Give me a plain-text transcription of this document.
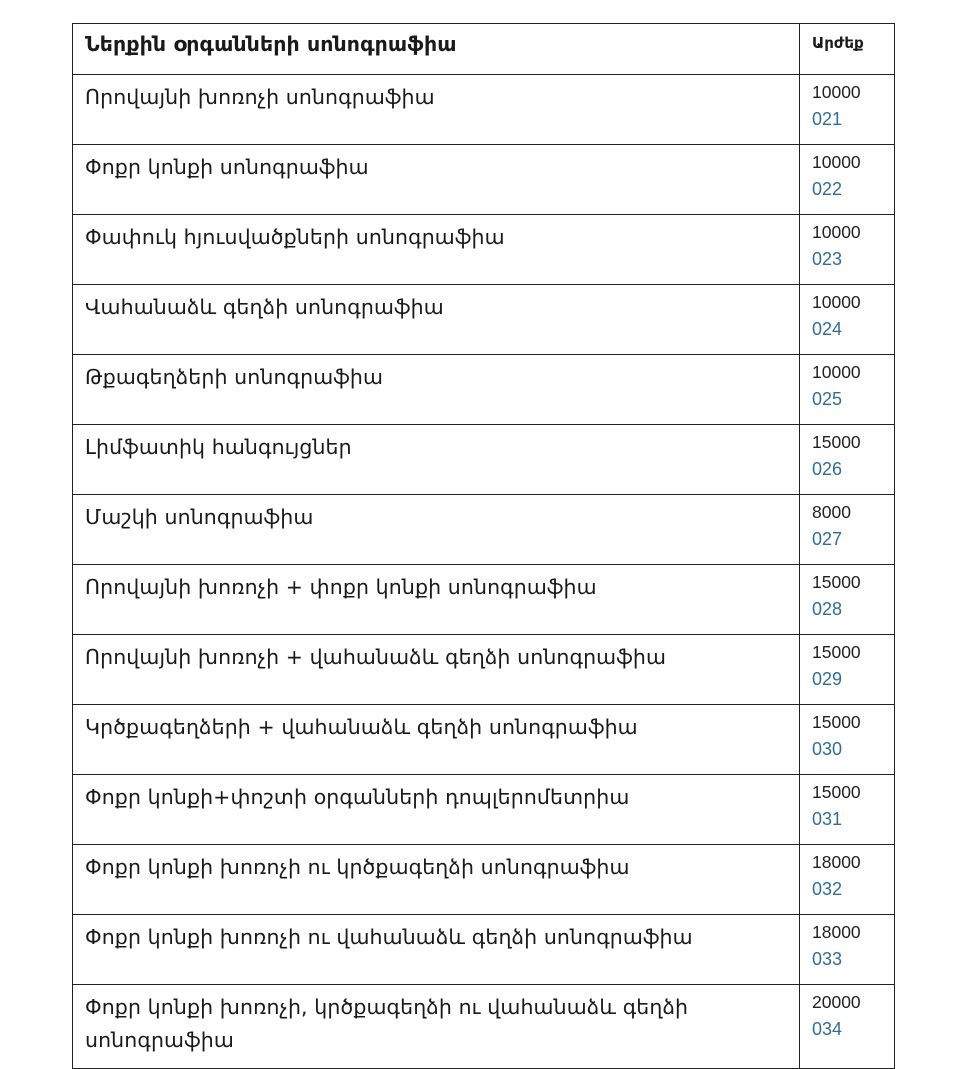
Ներքին օրգանների սոնոգրաֆիա	Արժեք
Որովայնի խոռոչի սոնոգրաֆիա	10000
021

Փոքր կոնքի սոնոգրաֆիա	10000
022

Փափուկ հյուսվածքների սոնոգրաֆիա	10000
023

Վահանաձև գեղձի սոնոգրաֆիա	10000
024

Թքագեղձերի սոնոգրաֆիա	10000
025

Լիմֆատիկ հանգույցներ	15000
026

Մաշկի սոնոգրաֆիա	8000
027

Որովայնի խոռոչի + փոքր կոնքի սոնոգրաֆիա	15000
028

Որովայնի խոռոչի + վահանաձև գեղձի սոնոգրաֆիա	15000
029

Կրծքագեղձերի + վահանաձև գեղձի սոնոգրաֆիա	15000
030

Փոքր կոնքի+փոշտի օրգանների դոպլերոմետրիա	15000
031

Փոքր կոնքի խոռոչի ու կրծքագեղձի սոնոգրաֆիա	18000
032

Փոքր կոնքի խոռոչի ու վահանաձև գեղձի սոնոգրաֆիա	18000
033

Փոքր կոնքի խոռոչի, կրծքագեղձի ու վահանաձև գեղձի սոնոգրաֆիա	20000
034
